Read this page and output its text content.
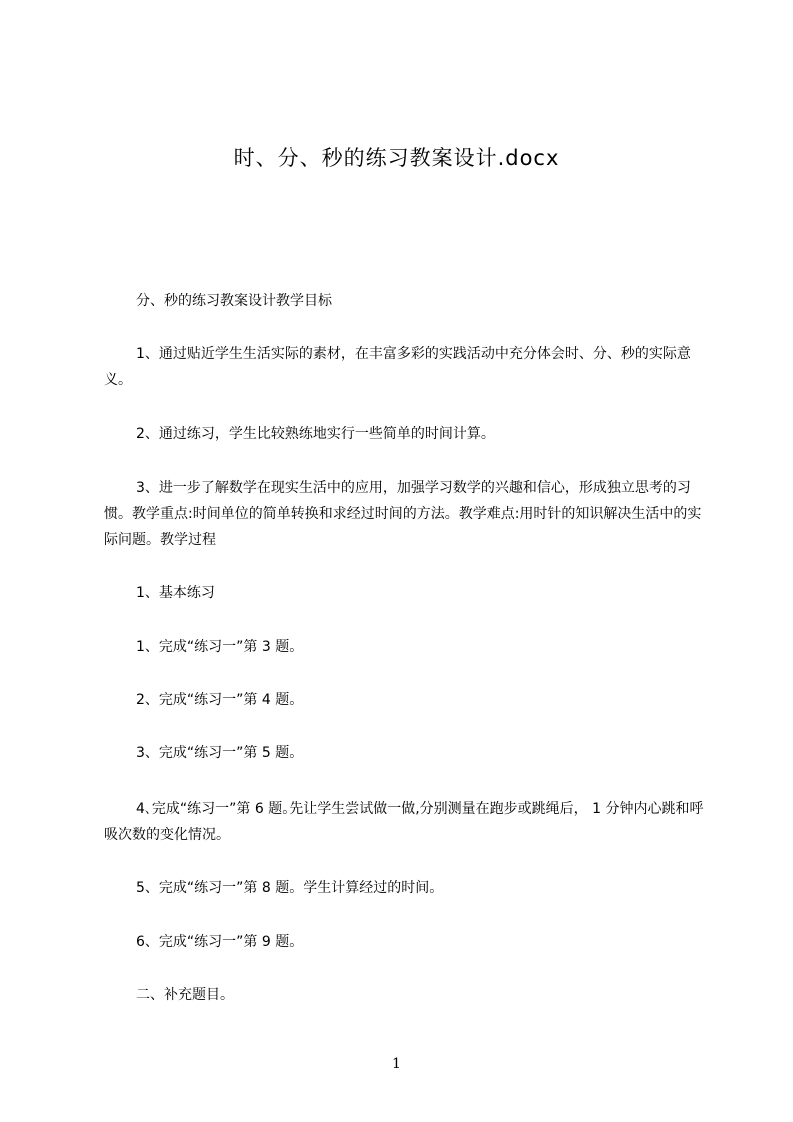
时、分、秒的练习教案设计.docx

分、秒的练习教案设计教学目标

1、通过贴近学生生活实际的素材，在丰富多彩的实践活动中充分体会时、分、秒的实际意义。

2、通过练习，学生比较熟练地实行一些简单的时间计算。

3、进一步了解数学在现实生活中的应用，加强学习数学的兴趣和信心，形成独立思考的习惯。教学重点:时间单位的简单转换和求经过时间的方法。教学难点:用时针的知识解决生活中的实际问题。教学过程

1、基本练习

1、完成“练习一”第 3 题。

2、完成“练习一”第 4 题。

3、完成“练习一”第 5 题。

4､完成“练习一”第 6 题｡先让学生尝试做一做,分别测量在跑步或跳绳后， 1 分钟内心跳和呼吸次数的变化情况。

5、完成“练习一”第 8 题。学生计算经过的时间。

6、完成“练习一”第 9 题。

二、补充题目。

1
